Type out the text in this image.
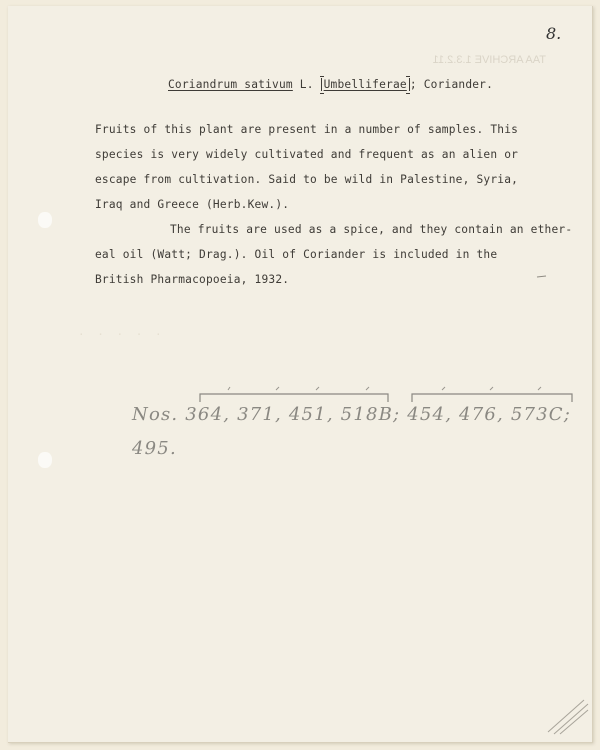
8.
TAA ARCHIVE 1.3.2.11
· · · · ·
Coriandrum sativum L. Umbelliferae ; Coriander.
Fruits of this plant are present in a number of samples. This
species is very widely cultivated and frequent as an alien or
escape from cultivation. Said to be wild in Palestine, Syria,
Iraq and Greece (Herb.Kew.).
The fruits are used as a spice, and they contain an ether-
eal oil (Watt; Drag.). Oil of Coriander is included in the
British Pharmacopoeia, 1932.
Nos. 364, 371, 451, 518B; 454, 476, 573C;
495.
